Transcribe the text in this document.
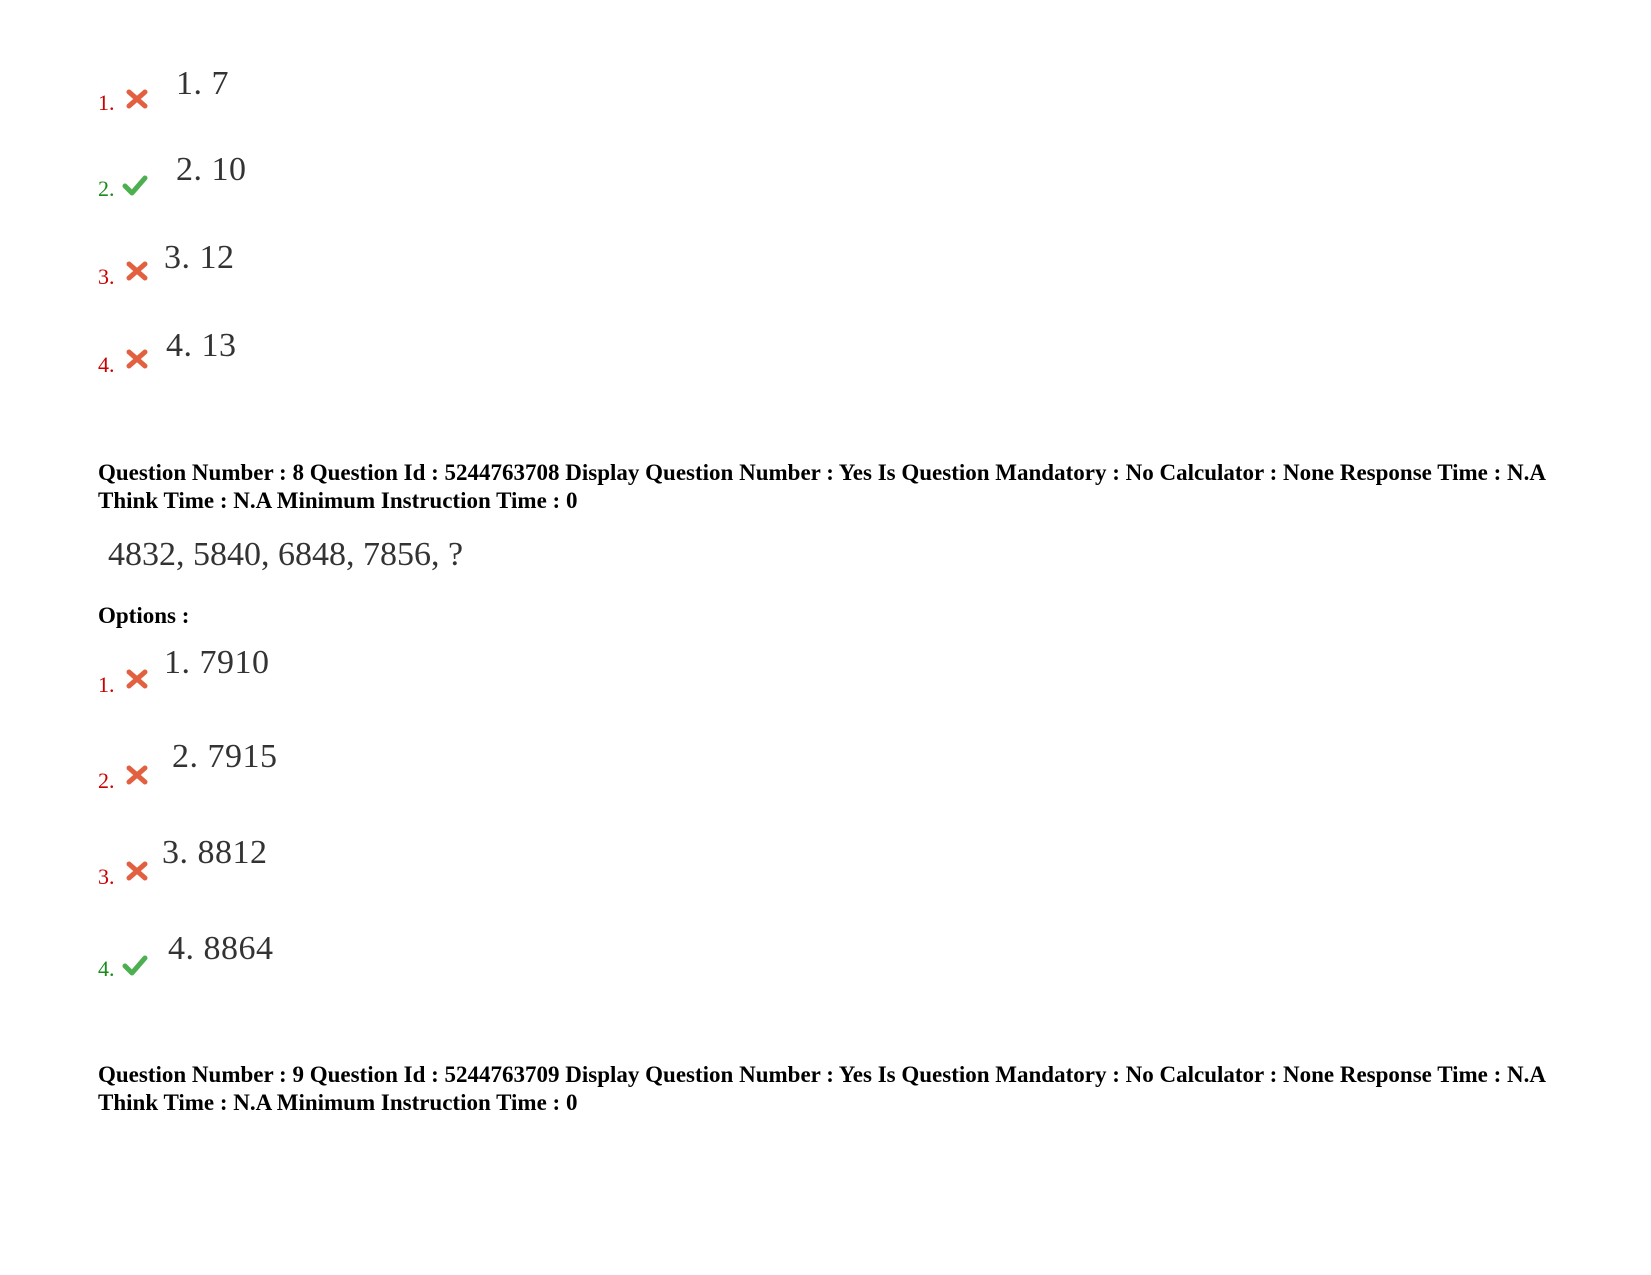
1.
1. 7
2.
2. 10
3.
3. 12
4.
4. 13
Question Number : 8 Question Id : 5244763708 Display Question Number : Yes Is Question Mandatory : No Calculator : None Response Time : N.A Think Time : N.A Minimum Instruction Time : 0
4832, 5840, 6848, 7856, ?
Options :
1.
1. 7910
2.
2. 7915
3.
3. 8812
4.
4. 8864
Question Number : 9 Question Id : 5244763709 Display Question Number : Yes Is Question Mandatory : No Calculator : None Response Time : N.A Think Time : N.A Minimum Instruction Time : 0
